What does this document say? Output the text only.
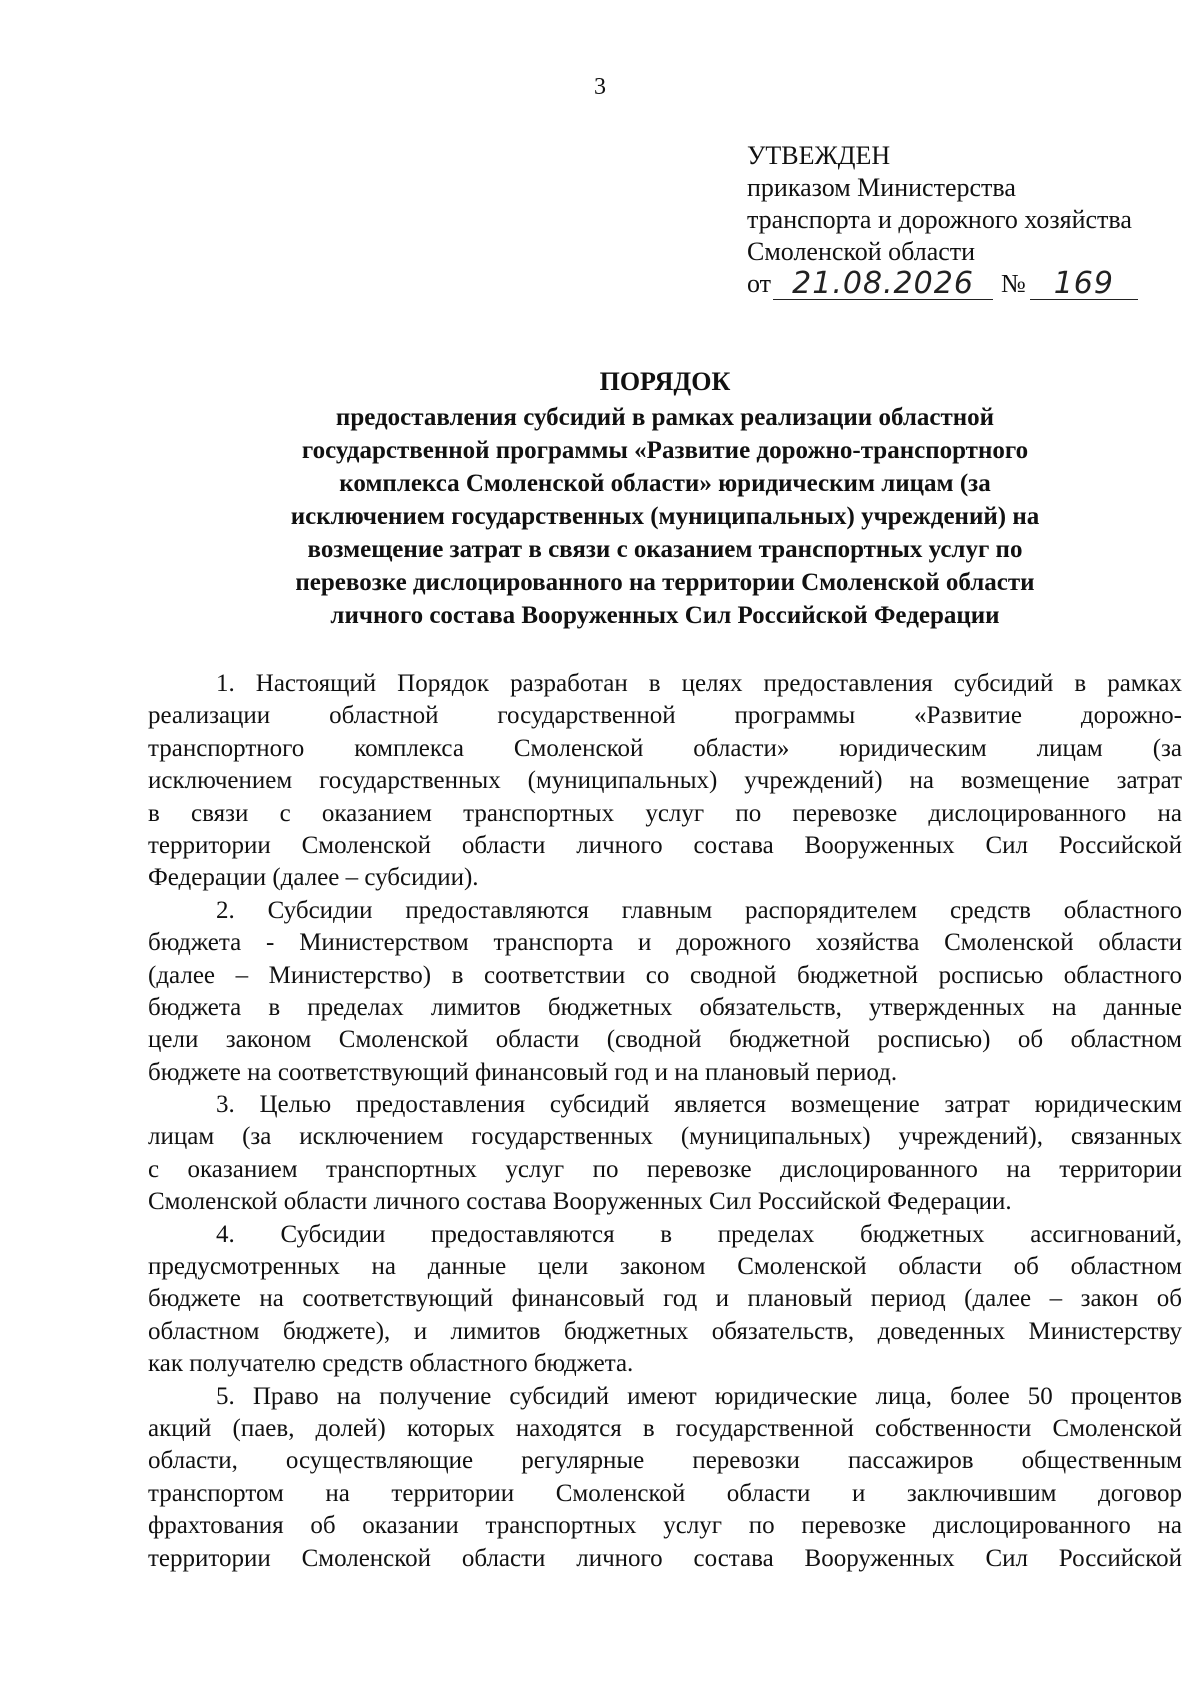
3
УТВЕЖДЕН
приказом Министерства
транспорта и дорожного хозяйства
Смоленской области
от 21.08.2026	№ 169
ПОРЯДОК
предоставления субсидий в рамках реализации областной
государственной программы «Развитие дорожно-транспортного
комплекса Смоленской области» юридическим лицам (за
исключением государственных (муниципальных) учреждений) на
возмещение затрат в связи с оказанием транспортных услуг по
перевозке дислоцированного на территории Смоленской области
личного состава Вооруженных Сил Российской Федерации
1. Настоящий Порядок разработан в целях предоставления субсидий в рамках
реализации областной государственной программы «Развитие дорожно-
транспортного комплекса Смоленской области» юридическим лицам (за
исключением государственных (муниципальных) учреждений) на возмещение затрат
в связи с оказанием транспортных услуг по перевозке дислоцированного на
территории Смоленской области личного состава Вооруженных Сил Российской
Федерации (далее – субсидии).
2. Субсидии предоставляются главным распорядителем средств областного
бюджета - Министерством транспорта и дорожного хозяйства Смоленской области
(далее – Министерство) в соответствии со сводной бюджетной росписью областного
бюджета в пределах лимитов бюджетных обязательств, утвержденных на данные
цели законом Смоленской области (сводной бюджетной росписью) об областном
бюджете на соответствующий финансовый год и на плановый период.
3. Целью предоставления субсидий является возмещение затрат юридическим
лицам (за исключением государственных (муниципальных) учреждений), связанных
с оказанием транспортных услуг по перевозке дислоцированного на территории
Смоленской области личного состава Вооруженных Сил Российской Федерации.
4. Субсидии предоставляются в пределах бюджетных ассигнований,
предусмотренных на данные цели законом Смоленской области об областном
бюджете на соответствующий финансовый год и плановый период (далее – закон об
областном бюджете), и лимитов бюджетных обязательств, доведенных Министерству
как получателю средств областного бюджета.
5. Право на получение субсидий имеют юридические лица, более 50 процентов
акций (паев, долей) которых находятся в государственной собственности Смоленской
области, осуществляющие регулярные перевозки пассажиров общественным
транспортом на территории Смоленской области и заключившим договор
фрахтования об оказании транспортных услуг по перевозке дислоцированного на
территории Смоленской области личного состава Вооруженных Сил Российской
